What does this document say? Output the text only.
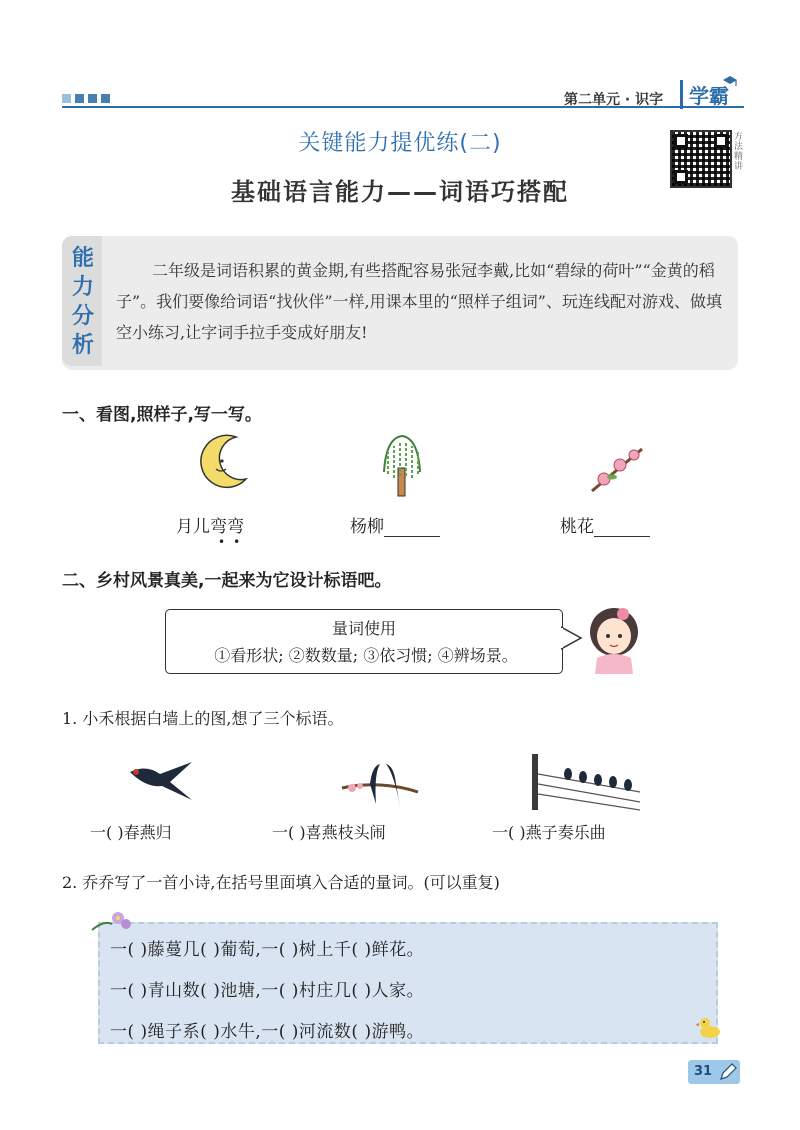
第二单元 · 识字	学霸
关键能力提优练(二)
基础语言能力——词语巧搭配
方法精讲
能力分析
二年级是词语积累的黄金期,有些搭配容易张冠李戴,比如“碧绿的荷叶”“金黄的稻子”。我们要像给词语“找伙伴”一样,用课本里的“照样子组词”、玩连线配对游戏、做填空小练习,让字词手拉手变成好朋友!
一、看图,照样子,写一写。
月儿弯弯
••
杨柳	桃花
二、乡村风景真美,一起来为它设计标语吧。
量词使用
①看形状; ②数数量; ③依习惯; ④辨场景。
1. 小禾根据白墙上的图,想了三个标语。
一( )春燕归	一( )喜燕枝头闹	一( )燕子奏乐曲
2. 乔乔写了一首小诗,在括号里面填入合适的量词。(可以重复)
一( )藤蔓几( )葡萄,一( )树上千( )鲜花。
一( )青山数( )池塘,一( )村庄几( )人家。
一( )绳子系( )水牛,一( )河流数( )游鸭。
31
